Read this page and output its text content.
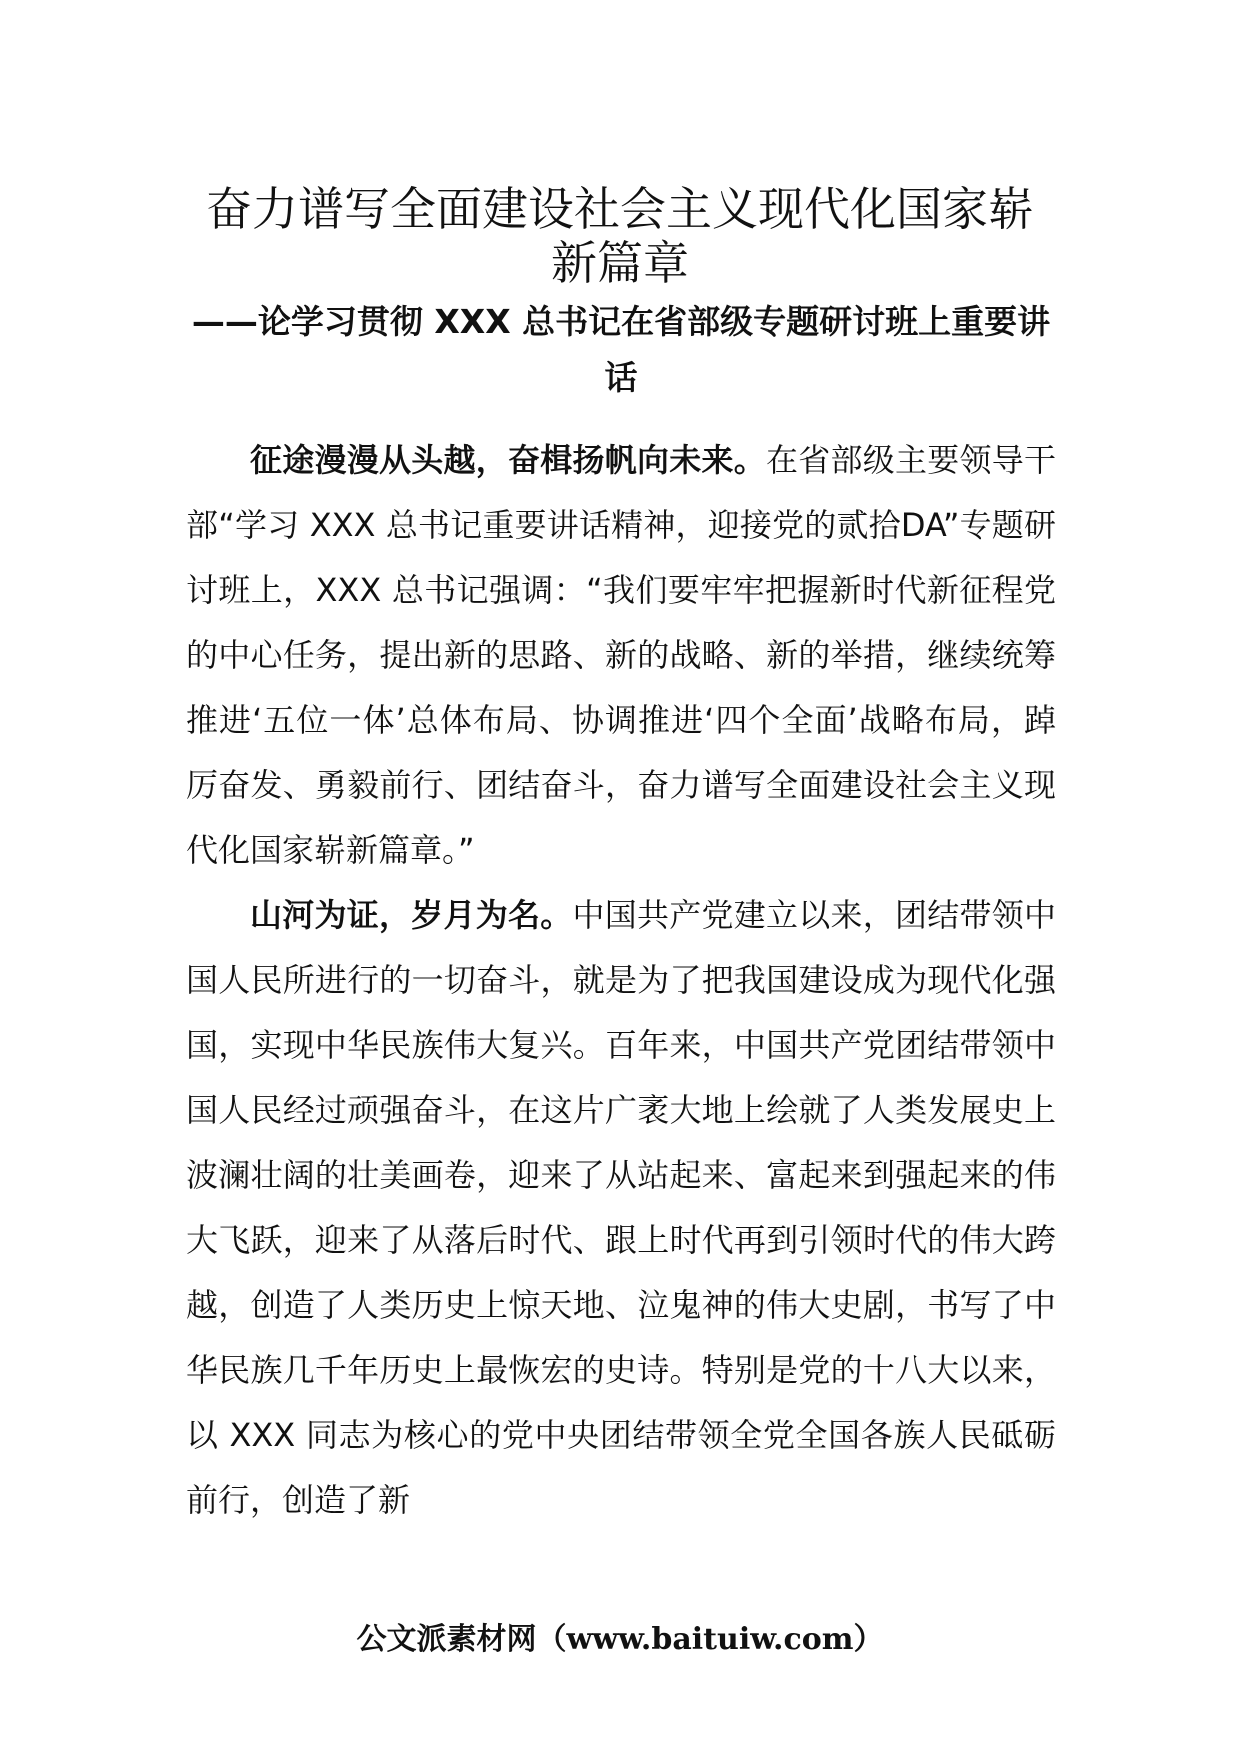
奋力谱写全面建设社会主义现代化国家崭
新篇章
——论学习贯彻 XXX 总书记在省部级专题研讨班上重要讲
话

征途漫漫从头越，奋楫扬帆向未来。在省部级主要领导干部“学习 XXX 总书记重要讲话精神，迎接党的贰拾DA”专题研讨班上，XXX 总书记强调：“我们要牢牢把握新时代新征程党的中心任务，提出新的思路、新的战略、新的举措，继续统筹推进‘五位一体’总体布局、协调推进‘四个全面’战略布局，踔厉奋发、勇毅前行、团结奋斗，奋力谱写全面建设社会主义现代化国家崭新篇章。”

山河为证，岁月为名。中国共产党建立以来，团结带领中国人民所进行的一切奋斗，就是为了把我国建设成为现代化强国，实现中华民族伟大复兴。百年来，中国共产党团结带领中国人民经过顽强奋斗，在这片广袤大地上绘就了人类发展史上波澜壮阔的壮美画卷，迎来了从站起来、富起来到强起来的伟大飞跃，迎来了从落后时代、跟上时代再到引领时代的伟大跨越，创造了人类历史上惊天地、泣鬼神的伟大史剧，书写了中华民族几千年历史上最恢宏的史诗。特别是党的十八大以来，以 XXX 同志为核心的党中央团结带领全党全国各族人民砥砺前行，创造了新

公文派素材网（www.baituiw.com）
